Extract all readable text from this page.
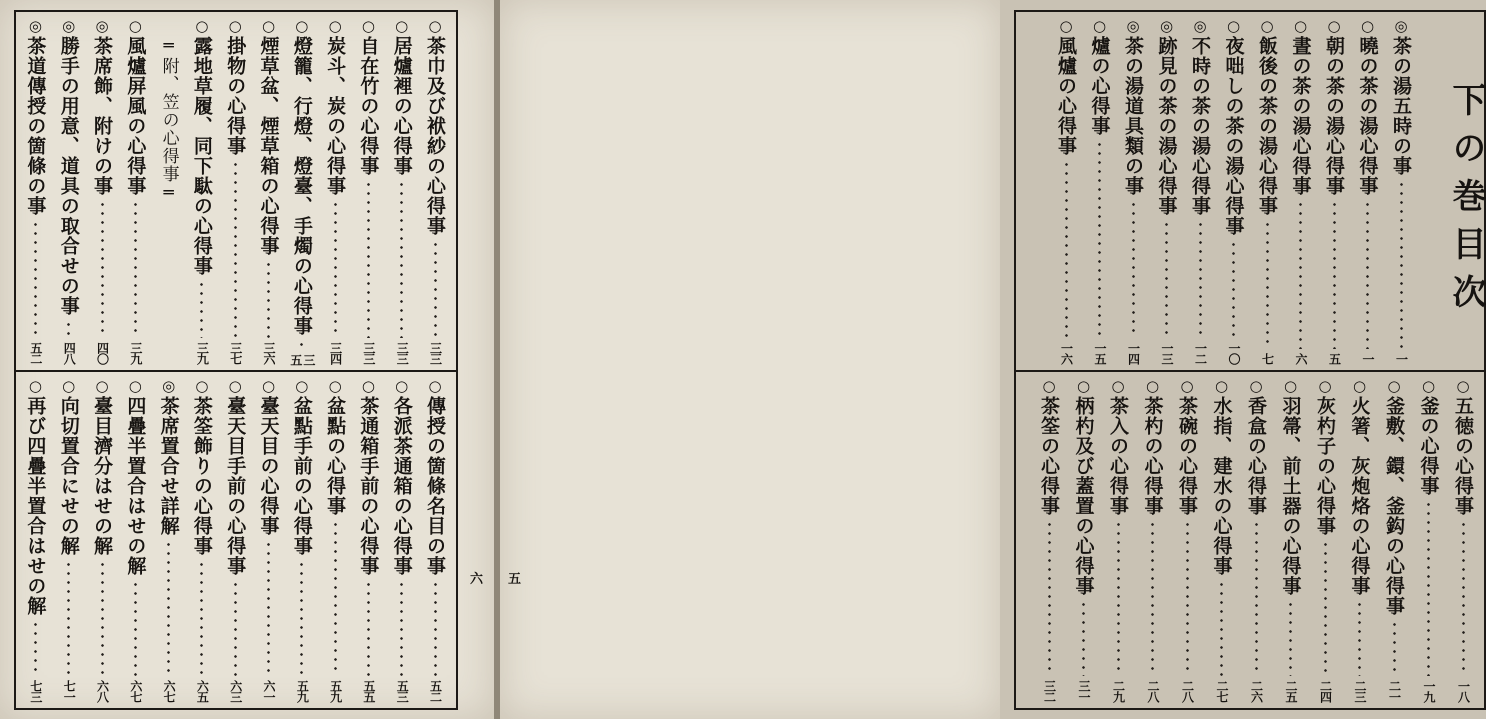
○
茶巾及び袱紗の心得事
三三
○
居爐裡の心得事
三三
○
自在竹の心得事
三三
○
炭斗、炭の心得事
三四
○
燈籠、行燈、燈臺、手燭の心得事
三五
○
煙草盆、煙草箱の心得事
三六
○
掛物の心得事
三七
○
露地草履、同下駄の心得事
三九
═附、笠の心得事═
○
風爐屏風の心得事
三九
◎
茶席飾、附けの事
四〇
◎
勝手の用意、道具の取合せの事
四八
◎
茶道傳授の箇條の事
五二
○
傳授の箇條名目の事
五二
○
各派茶通箱の心得事
五三
○
茶通箱手前の心得事
五五
○
盆點の心得事
五九
○
盆點手前の心得事
五九
○
臺天目の心得事
六一
○
臺天目手前の心得事
六三
○
茶筌飾りの心得事
六五
◎
茶席置合せ詳解
六七
○
四疊半置合はせの解
六七
○
臺目濟分はせの解
六八
○
向切置合にせの解
七一
○
再び四疊半置合はせの解
七三
六
◎
茶の湯五時の事
一
○
曉の茶の湯心得事
一
○
朝の茶の湯心得事
五
○
晝の茶の湯心得事
六
○
飯後の茶の湯心得事
七
○
夜咄しの茶の湯心得事
一〇
◎
不時の茶の湯心得事
一二
◎
跡見の茶の湯心得事
一三
◎
茶の湯道具類の事
一四
○
爐の心得事
一五
○
風爐の心得事
一六
下の巻目次
○
五徳の心得事
一八
○
釜の心得事
一九
○
釜敷、鐶、釜鈎の心得事
二一
○
火箸、灰炮烙の心得事
二三
○
灰杓子の心得事
二四
○
羽箒、前土器の心得事
二五
○
香盒の心得事
二六
○
水指、建水の心得事
二七
○
茶碗の心得事
二八
○
茶杓の心得事
二八
○
茶入の心得事
二九
○
柄杓及び蓋置の心得事
三一
○
茶筌の心得事
三二
五
